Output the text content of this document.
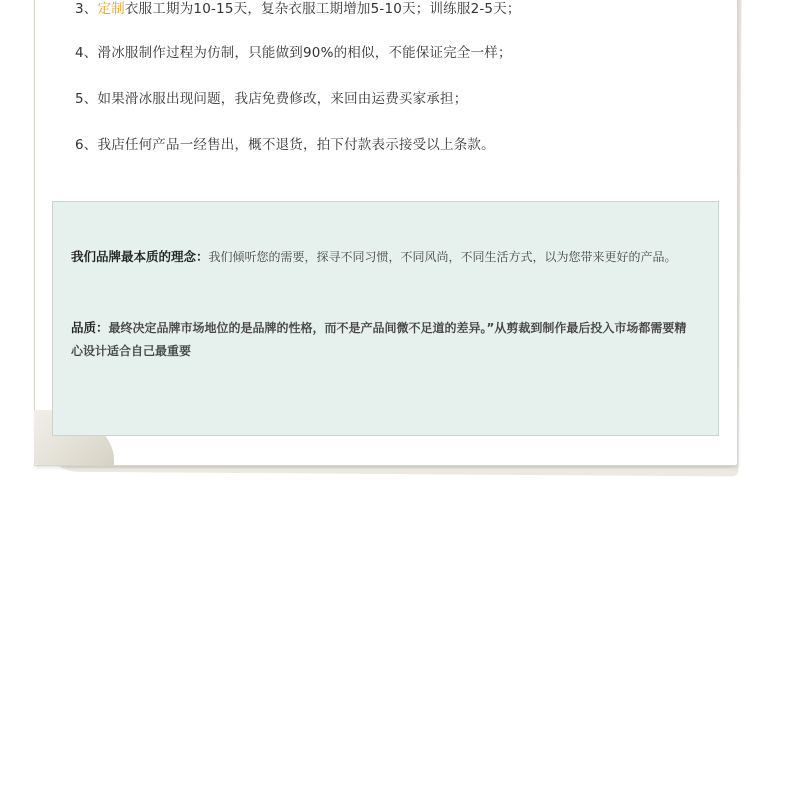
3、定制衣服工期为10-15天，复杂衣服工期增加5-10天；训练服2-5天；
4、滑冰服制作过程为仿制，只能做到90%的相似，不能保证完全一样；
5、如果滑冰服出现问题，我店免费修改，来回由运费买家承担；
6、我店任何产品一经售出，概不退货，拍下付款表示接受以上条款。
我们品牌最本质的理念：我们倾听您的需要，探寻不同习惯，不同风尚，不同生活方式，以为您带来更好的产品。
品质：最终决定品牌市场地位的是品牌的性格，而不是产品间微不足道的差异。”从剪裁到制作最后投入市场都需要精心设计适合自己最重要
